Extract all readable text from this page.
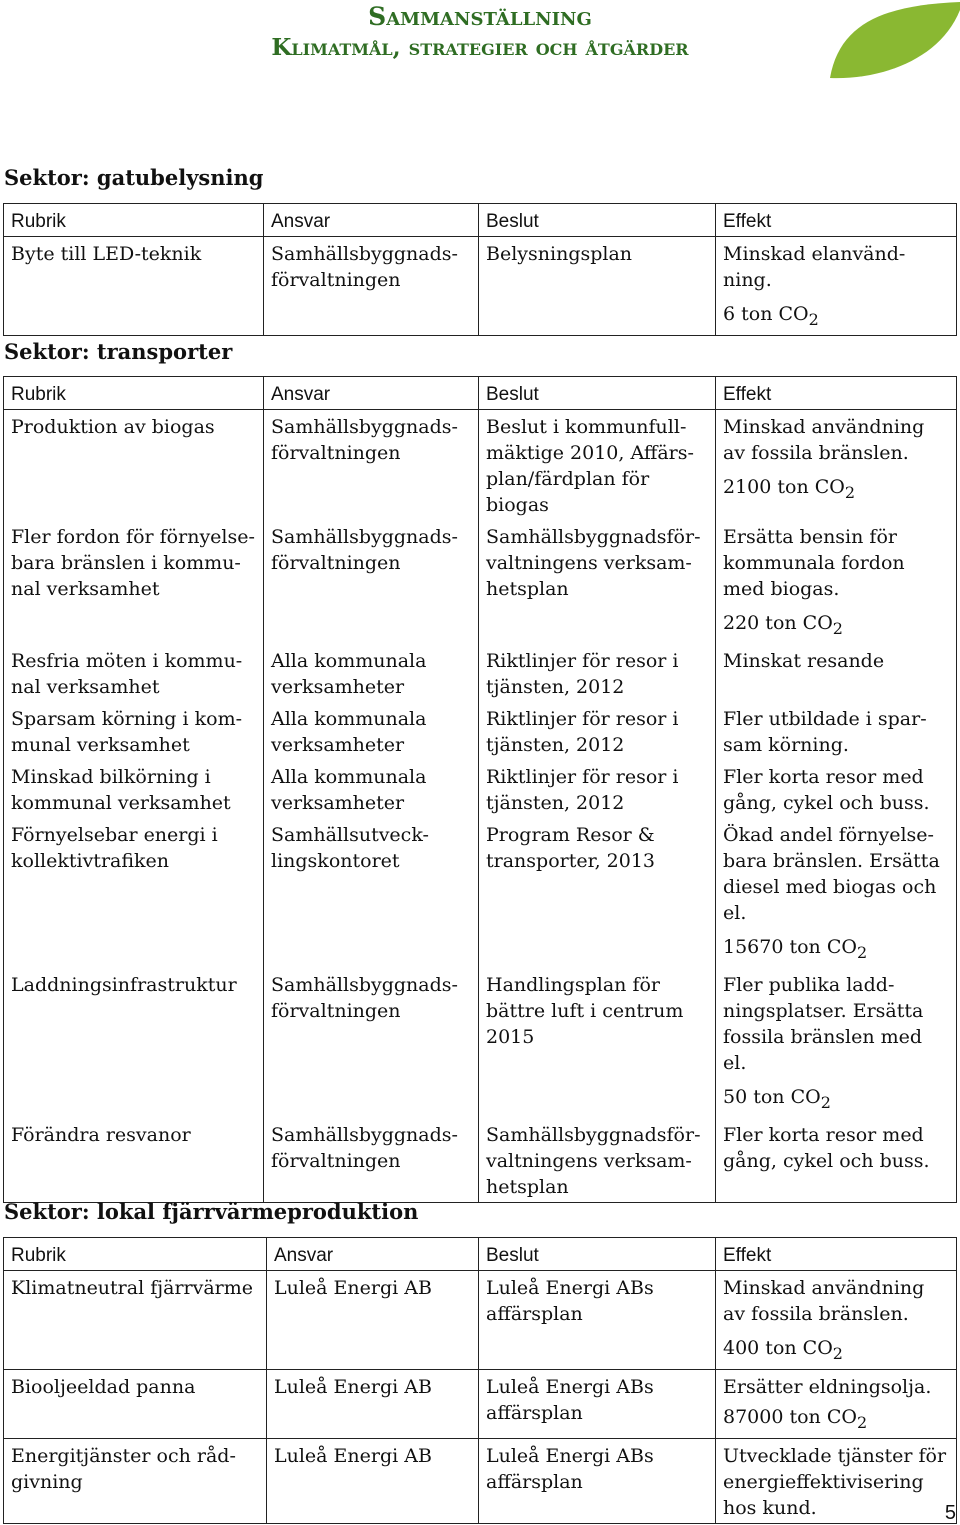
Sammanställning
Klimatmål, strategier och åtgärder
Sektor: gatubelysning
Rubrik	Ansvar	Beslut	Effekt
Byte till LED-teknik	Samhällsbyggnads-förvaltningen	Belysningsplan	Minskad elanvänd-ning.
6 ton $CO_2$
Sektor: transporter
Rubrik	Ansvar	Beslut	Effekt
Produktion av biogas	Samhällsbyggnads-förvaltningen	Beslut i kommunfull-mäktige 2010, Affärs-plan/färdplan för biogas	Minskad användning av fossila bränslen.
2100 ton $CO_2$

Fler fordon för förnyelse-bara bränslen i kommu-nal verksamhet	Samhällsbyggnads-förvaltningen	Samhällsbyggnadsför-valtningens verksam-hetsplan	Ersätta bensin för kommunala fordon med biogas.
220 ton $CO_2$

Resfria möten i kommu-nal verksamhet	Alla kommunala verksamheter	Riktlinjer för resor i tjänsten, 2012	Minskat resande
Sparsam körning i kom-munal verksamhet	Alla kommunala verksamheter	Riktlinjer för resor i tjänsten, 2012	Fler utbildade i spar-sam körning.
Minskad bilkörning i kommunal verksamhet	Alla kommunala verksamheter	Riktlinjer för resor i tjänsten, 2012	Fler korta resor med gång, cykel och buss.
Förnyelsebar energi i kollektivtrafiken	Samhällsutveck-lingskontoret	Program Resor & transporter, 2013	Ökad andel förnyelse-bara bränslen. Ersätta diesel med biogas och el.
15670 ton $CO_2$

Laddningsinfrastruktur	Samhällsbyggnads-förvaltningen	Handlingsplan för bättre luft i centrum 2015	Fler publika ladd-ningsplatser. Ersätta fossila bränslen med el.
50 ton $CO_2$

Förändra resvanor	Samhällsbyggnads-förvaltningen	Samhällsbyggnadsför-valtningens verksam-hetsplan	Fler korta resor med gång, cykel och buss.
Sektor: lokal fjärrvärmeproduktion
Rubrik	Ansvar	Beslut	Effekt
Klimatneutral fjärrvärme	Luleå Energi AB	Luleå Energi ABs affärsplan	Minskad användning av fossila bränslen.
400 ton $CO_2$

Biooljeeldad panna	Luleå Energi AB	Luleå Energi ABs affärsplan	Ersätter eldningsolja.
87000 ton $CO_2$

Energitjänster och råd-givning	Luleå Energi AB	Luleå Energi ABs affärsplan	Utvecklade tjänster för energieffektivisering hos kund.	5
